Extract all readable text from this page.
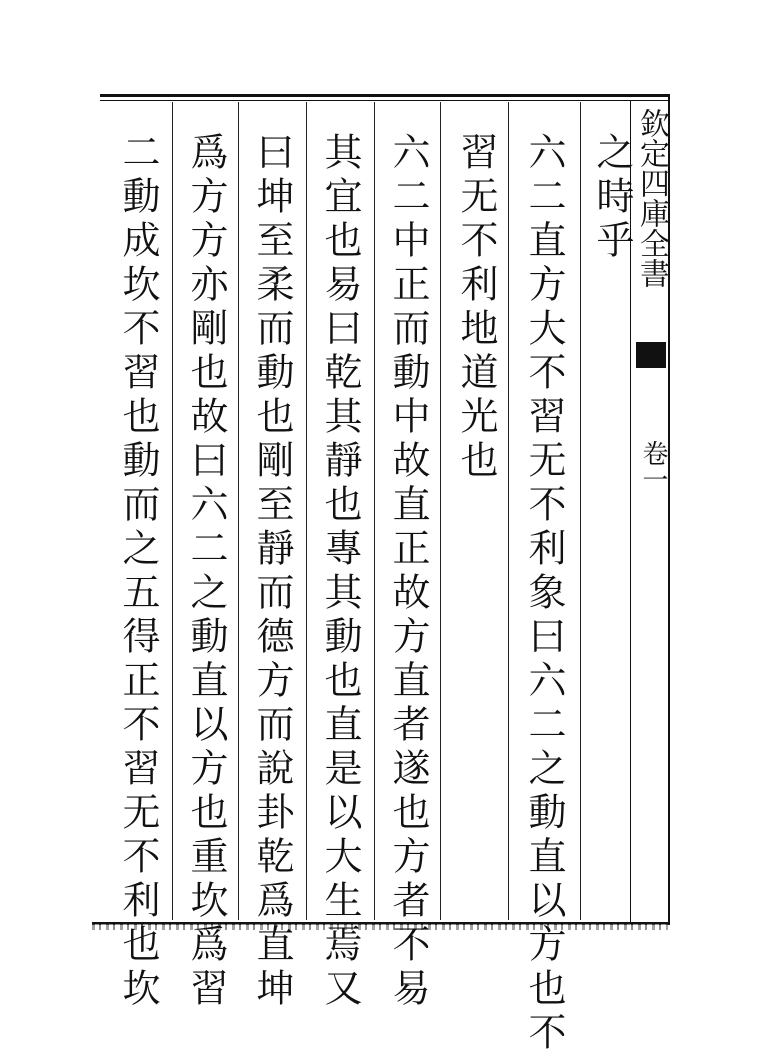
欽定四庫全書
卷一
之時乎
六二直方大不習无不利象曰六二之動直以方也不
習无不利地道光也
六二中正而動中故直正故方直者遂也方者不易
其宜也易曰乾其靜也專其動也直是以大生焉又
曰坤至柔而動也剛至靜而德方而說卦乾爲直坤
爲方方亦剛也故曰六二之動直以方也重坎爲習
二動成坎不習也動而之五得正不習无不利也坎
